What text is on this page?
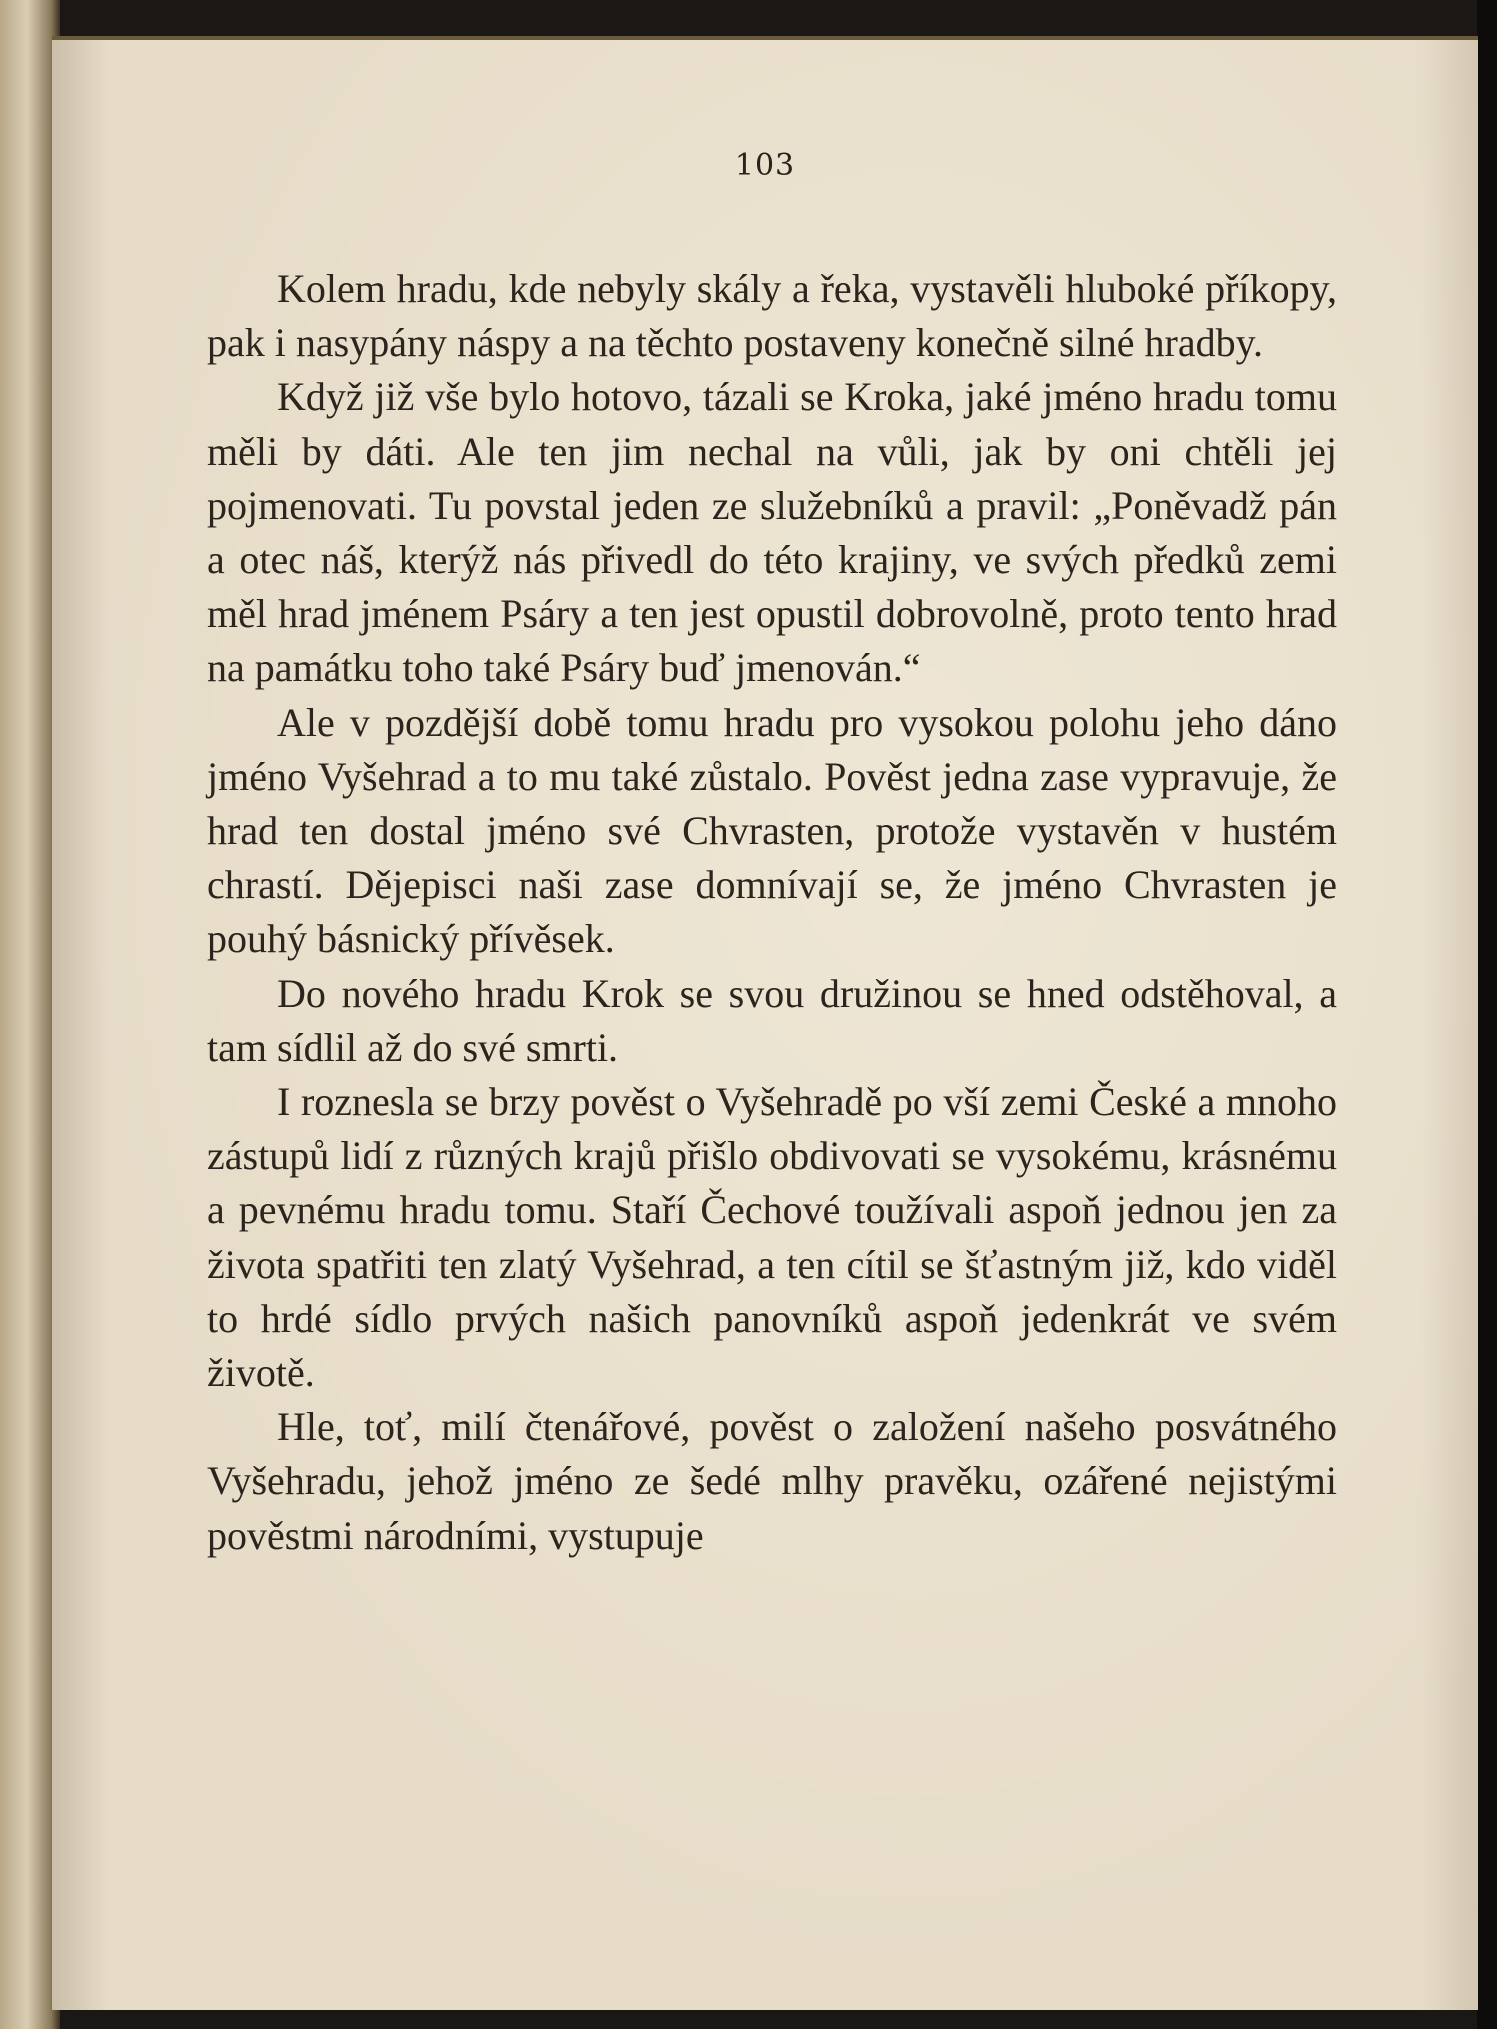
103

Kolem hradu, kde nebyly skály a řeka, vystavěli hluboké příkopy, pak i nasypány náspy a na těchto postaveny konečně silné hradby.

Když již vše bylo hotovo, tázali se Kroka, jaké jméno hradu tomu měli by dáti. Ale ten jim nechal na vůli, jak by oni chtěli jej pojmenovati. Tu povstal jeden ze služebníků a pravil: „Poněvadž pán a otec náš, kterýž nás přivedl do této krajiny, ve svých předků zemi měl hrad jménem Psáry a ten jest opustil dobrovolně, proto tento hrad na památku toho také Psáry buď jmenován.“

Ale v pozdější době tomu hradu pro vysokou polohu jeho dáno jméno Vyšehrad a to mu také zůstalo. Pověst jedna zase vypravuje, že hrad ten dostal jméno své Chvrasten, protože vystavěn v hustém chrastí. Dějepisci naši zase domnívají se, že jméno Chvrasten je pouhý básnický přívěsek.

Do nového hradu Krok se svou družinou se hned odstěhoval, a tam sídlil až do své smrti.

I roznesla se brzy pověst o Vyšehradě po vší zemi České a mnoho zástupů lidí z různých krajů přišlo obdivovati se vysokému, krásnému a pevnému hradu tomu. Staří Čechové toužívali aspoň jednou jen za života spatřiti ten zlatý Vyšehrad, a ten cítil se šťastným již, kdo viděl to hrdé sídlo prvých našich panovníků aspoň jedenkrát ve svém životě.

Hle, toť, milí čtenářové, pověst o založení našeho posvátného Vyšehradu, jehož jméno ze šedé mlhy pravěku, ozářené nejistými pověstmi národními, vystupuje
